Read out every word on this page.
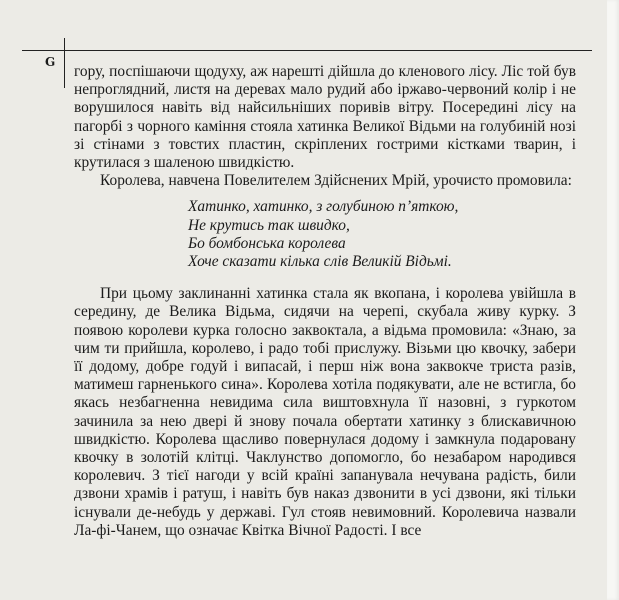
G

гору, поспішаючи щодуху, аж нарешті дійшла до кленового лісу. Ліс той був непроглядний, листя на деревах мало рудий або іржаво-червоний колір і не ворушилося навіть від найсильніших поривів вітру. Посередині лісу на пагорбі з чорного каміння стояла хатинка Великої Відьми на голубиній нозі зі стінами з товстих пластин, скріплених гострими кістками тварин, і крутилася з шаленою швидкістю.

Королева, навчена Повелителем Здійснених Мрій, урочисто промовила:

Хатинко, хатинко, з голубиною п’яткою,
Не крутись так швидко,
Бо бомбонська королева
Хоче сказати кілька слів Великій Відьмі.

При цьому заклинанні хатинка стала як вкопана, і королева увійшла в середину, де Велика Відьма, сидячи на черепі, скубала живу курку. З появою королеви курка голосно заквоктала, а відьма промовила: «Знаю, за чим ти прийшла, королево, і радо тобі прислужу. Візьми цю квочку, забери її додому, добре годуй і випасай, і перш ніж вона заквокче триста разів, матимеш гарненького сина». Королева хотіла подякувати, але не встигла, бо якась незбагненна невидима сила виштовхнула її назовні, з гуркотом зачинила за нею двері й знову почала обертати хатинку з блискавичною швидкістю. Королева щасливо повернулася додому і замкнула подаровану квочку в золотій клітці. Чаклунство допомогло, бо незабаром народився королевич. З тієї нагоди у всій країні запанувала нечувана радість, били дзвони храмів і ратуш, і навіть був наказ дзвонити в усі дзвони, які тільки існували де-небудь у державі. Гул стояв невимовний. Королевича назвали Ла-фі-Чанем, що означає Квітка Вічної Радості. І все
